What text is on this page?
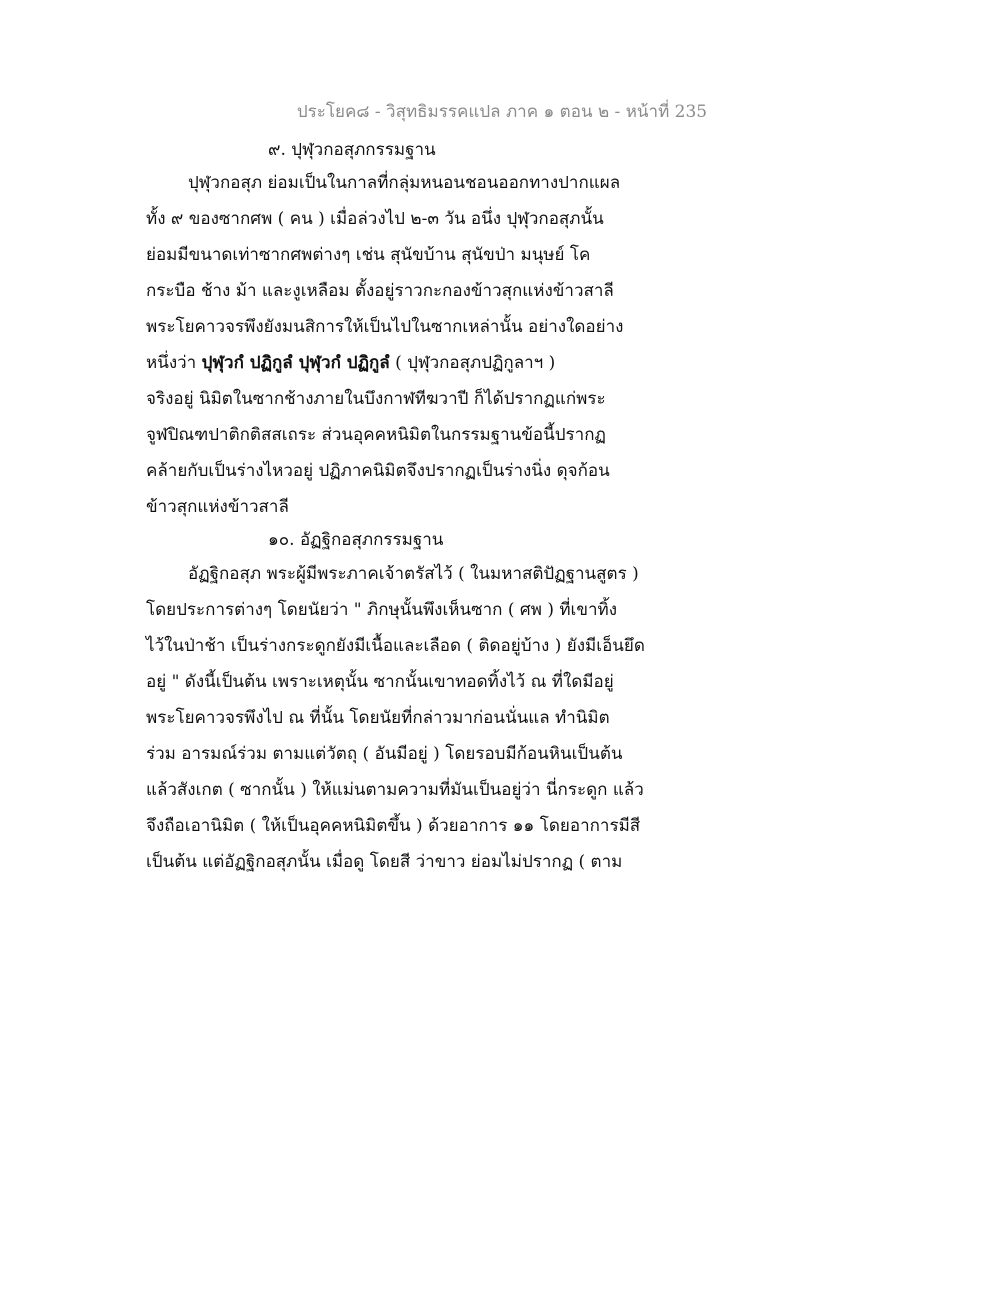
ประโยค๘ - วิสุทธิมรรคแปล ภาค ๑ ตอน ๒ - หน้าที่ 235
๙. ปุฬุวกอสุภกรรมฐาน
ปุฬุวกอสุภ ย่อมเป็นในกาลที่กลุ่มหนอนชอนออกทางปากแผล
ทั้ง ๙ ของซากศพ ( คน ) เมื่อล่วงไป ๒-๓ วัน อนึ่ง ปุฬุวกอสุภนั้น
ย่อมมีขนาดเท่าซากศพต่างๆ เช่น สุนัขบ้าน สุนัขป่า มนุษย์ โค
กระบือ ช้าง ม้า และงูเหลือม ตั้งอยู่ราวกะกองข้าวสุกแห่งข้าวสาลี
พระโยคาวจรพึงยังมนสิการให้เป็นไปในซากเหล่านั้น อย่างใดอย่าง
หนึ่งว่า ปุฬุวกํ ปฏิกูลํ ปุฬุวกํ ปฏิกูลํ ( ปุฬุวกอสุภปฏิกูลาฯ )
จริงอยู่ นิมิตในซากช้างภายในบึงกาฬทีฆวาปี ก็ได้ปรากฏแก่พระ
จูฬปิณฑปาติกติสสเถระ ส่วนอุคคหนิมิตในกรรมฐานข้อนี้ปรากฏ
คล้ายกับเป็นร่างไหวอยู่ ปฏิภาคนิมิตจึงปรากฏเป็นร่างนิ่ง ดุจก้อน
ข้าวสุกแห่งข้าวสาลี
๑๐. อัฏฐิกอสุภกรรมฐาน
อัฏฐิกอสุภ พระผู้มีพระภาคเจ้าตรัสไว้ ( ในมหาสติปัฏฐานสูตร )
โดยประการต่างๆ โดยนัยว่า " ภิกษุนั้นพึงเห็นซาก ( ศพ ) ที่เขาทิ้ง
ไว้ในป่าช้า เป็นร่างกระดูกยังมีเนื้อและเลือด ( ติดอยู่บ้าง ) ยังมีเอ็นยึด
อยู่ " ดังนี้เป็นต้น เพราะเหตุนั้น ซากนั้นเขาทอดทิ้งไว้ ณ ที่ใดมีอยู่
พระโยคาวจรพึงไป ณ ที่นั้น โดยนัยที่กล่าวมาก่อนนั่นแล ทำนิมิต
ร่วม อารมณ์ร่วม ตามแต่วัตถุ ( อันมีอยู่ ) โดยรอบมีก้อนหินเป็นต้น
แล้วสังเกต ( ซากนั้น ) ให้แม่นตามความที่มันเป็นอยู่ว่า นี่กระดูก แล้ว
จึงถือเอานิมิต ( ให้เป็นอุคคหนิมิตขึ้น ) ด้วยอาการ ๑๑ โดยอาการมีสี
เป็นต้น แต่อัฏฐิกอสุภนั้น เมื่อดู โดยสี ว่าขาว ย่อมไม่ปรากฏ ( ตาม
